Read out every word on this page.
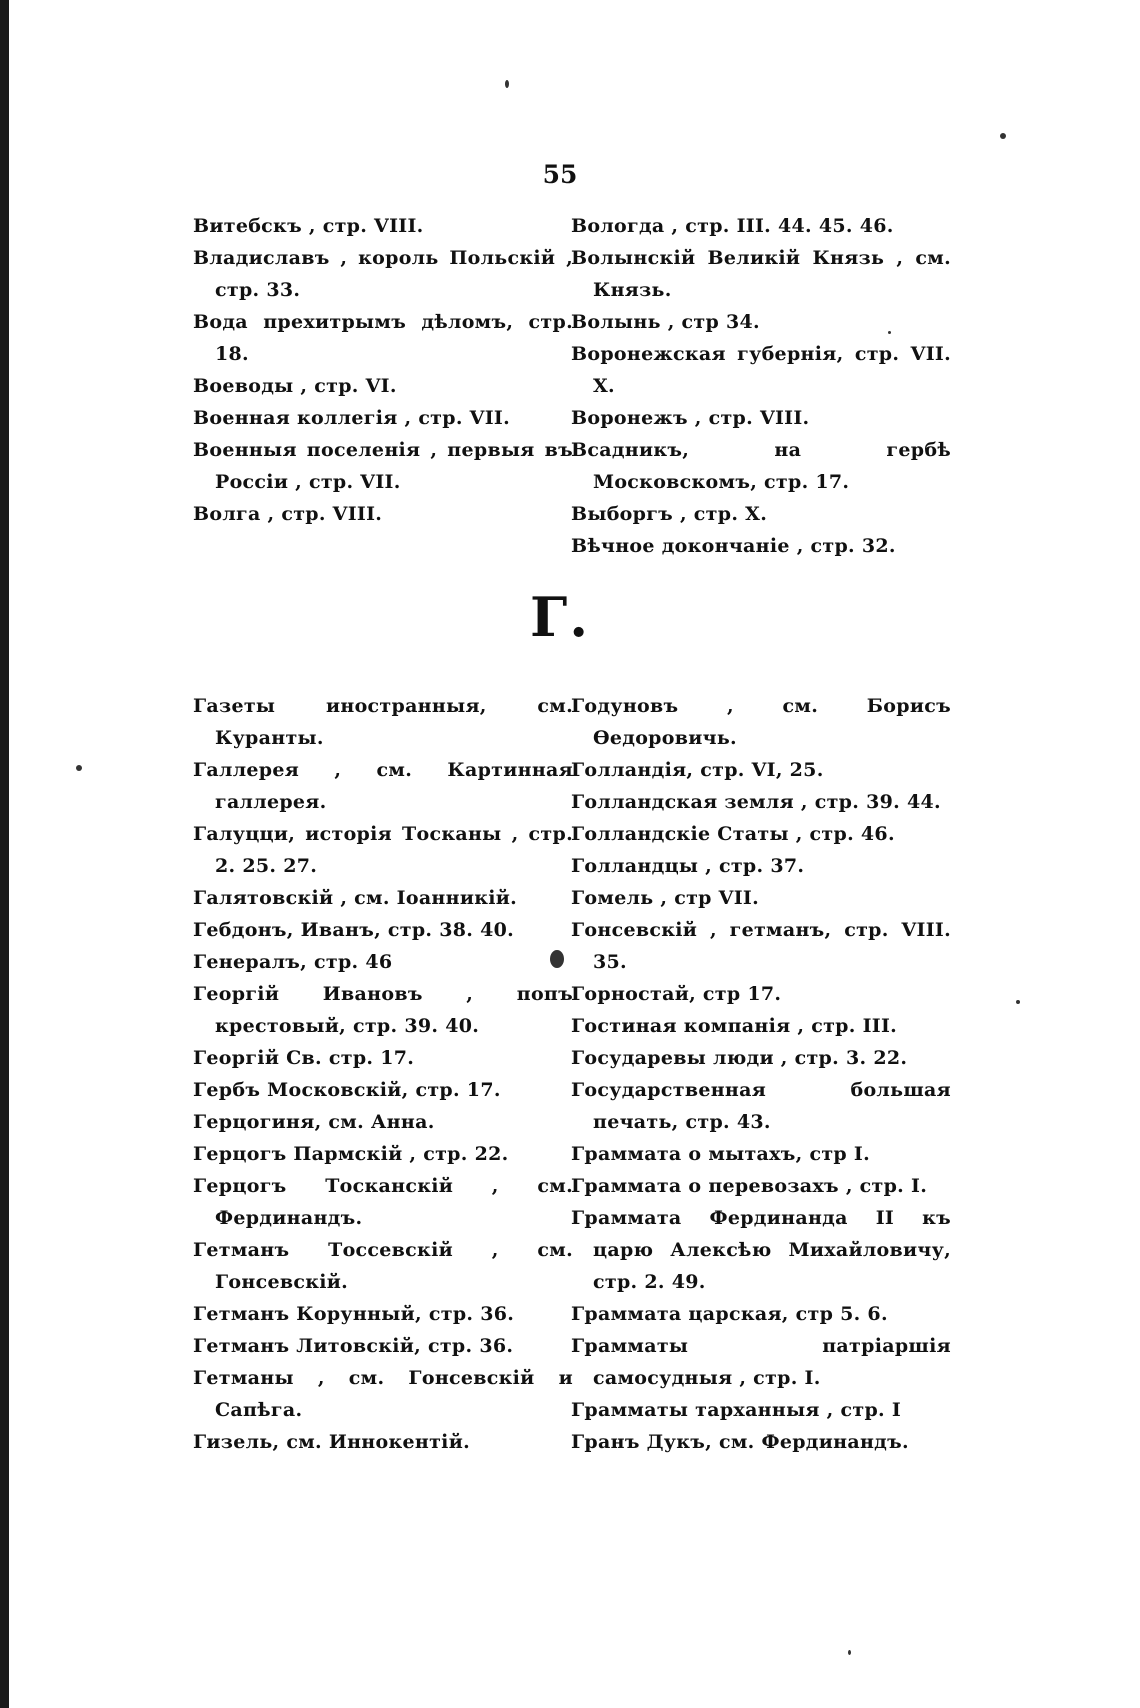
55

Витебскъ , стр. VIII.

Владиславъ , король Польскій , стр. 33.

Вода прехитрымъ дѣломъ, стр. 18.

Воеводы , стр. VI.

Военная коллегія , стр. VII.

Военныя поселенія , первыя въ Россіи , стр. VII.

Волга , стр. VIII.

Вологда , стр. III. 44. 45. 46.

Волынскій Великій Князь , см. Князь.

Волынь , стр 34.

Воронежская губернія, стр. VII. X.

Воронежъ , стр. VIII.

Всадникъ, на гербѣ Московскомъ, стр. 17.

Выборгъ , стр. X.

Вѣчное докончаніе , стр. 32.

Г.

Газеты иностранныя, см. Куранты.

Галлерея , см. Картинная галлерея.

Галуцци, исторія Тосканы , стр. 2. 25. 27.

Галятовскій , см. Іоанникій.

Гебдонъ, Иванъ, стр. 38. 40.

Генералъ, стр. 46

Георгій Ивановъ , попъ крестовый, стр. 39. 40.

Георгій Св. стр. 17.

Гербъ Московскій, стр. 17.

Герцогиня, см. Анна.

Герцогъ Пармскій , стр. 22.

Герцогъ Тосканскій , см. Фердинандъ.

Гетманъ Тоссевскій , см. Гонсевскій.

Гетманъ Корунный, стр. 36.

Гетманъ Литовскій, стр. 36.

Гетманы , см. Гонсевскій и Сапѣга.

Гизель, см. Иннокентій.

Годуновъ , см. Борисъ Ѳедоровичь.

Голландія, стр. VI, 25.

Голландская земля , стр. 39. 44.

Голландскіе Статы , стр. 46.

Голландцы , стр. 37.

Гомель , стр VII.

Гонсевскій , гетманъ, стр. VIII. 35.

Горностай, стр 17.

Гостиная компанія , стр. III.

Государевы люди , стр. 3. 22.

Государственная большая печать, стр. 43.

Граммата о мытахъ, стр I.

Граммата о перевозахъ , стр. I.

Граммата Фердинанда II къ царю Алексѣю Михайловичу, стр. 2. 49.

Граммата царская, стр 5. 6.

Грамматы патріаршія самосудныя , стр. I.

Грамматы тарханныя , стр. I

Гранъ Дукъ, см. Фердинандъ.
